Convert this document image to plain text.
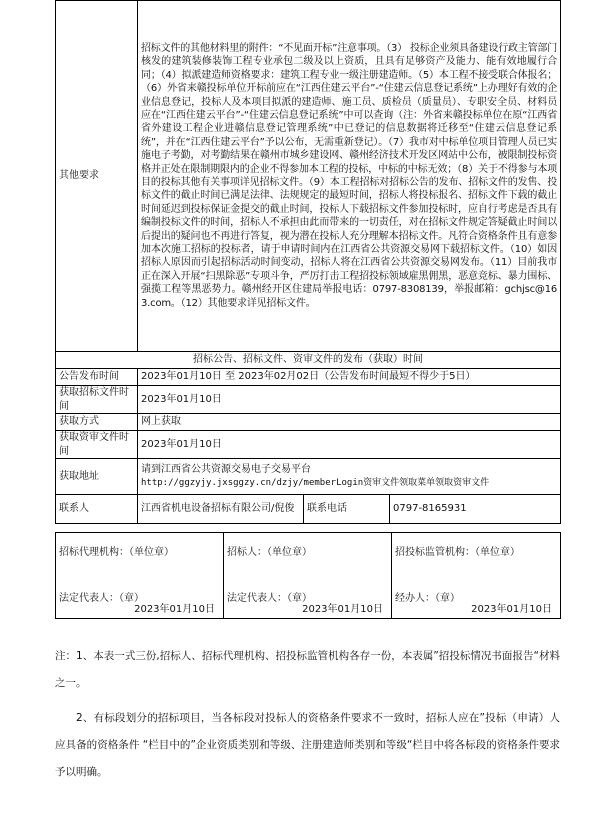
其他要求	招标文件的其他材料里的附件：“不见面开标”注意事项。（3） 投标企业须具备建设行政主管部门核发的建筑装修装饰工程专业承包二级及以上资质，且具有足够资产及能力、能有效地履行合同；（4）拟派建造师资格要求：建筑工程专业一级注册建造师。（5）本工程不接受联合体报名；（6）外省来赣投标单位开标前应在“江西住建云平台”-“住建云信息登记系统”上办理好有效的企业信息登记，投标人及本项目拟派的建造师、施工员、质检员（质量员）、专职安全员、材料员应在“江西住建云平台”-“住建云信息登记系统”中可以查询（注：外省来赣投标单位在原“江西省省外建设工程企业进赣信息登记管理系统”中已登记的信息数据将迁移至“住建云信息登记系统”，并在“江西住建云平台”予以公布，无需重新登记）。（7）我市对中标单位项目管理人员已实施电子考勤，对考勤结果在赣州市城乡建设网、赣州经济技术开发区网站中公布，被限制投标资格并正处在限制期限内的企业不得参加本工程的投标，中标的中标无效；（8）关于不得参与本项目的投标其他有关事项详见招标文件。（9）本工程招标对招标公告的发布、招标文件的发售、投标文件的截止时间已满足法律、法规规定的最短时间，招标人将投标报名、招标文件下载的截止时间延迟到投标保证金提交的截止时间，投标人下载招标文件参加投标时，应自行考虑是否具有编制投标文件的时间，招标人不承担由此而带来的一切责任，对在招标文件规定答疑截止时间以后提出的疑问也不再进行答复，视为潜在投标人充分理解本招标文件。凡符合资格条件且有意参加本次施工招标的投标者，请于申请时间内在江西省公共资源交易网下载招标文件。（10）如因招标人原因而引起招标活动时间变动，招标人将在江西省公共资源交易网发布。（11）目前我市正在深入开展“扫黑除恶”专项斗争，严厉打击工程招投标领域雇黑佣黑，恶意竞标、暴力围标、强揽工程等黑恶势力。赣州经开区住建局举报电话：0797-8308139，举报邮箱：gchjsc@163.com。（12）其他要求详见招标文件。		
招标公告、招标文件、资审文件的发布（获取）时间			
公告发布时间	2023年01月10日 至 2023年02月02日（公告发布时间最短不得少于5日）		
获取招标文件时间	2023年01月10日		
获取方式	网上获取		
获取资审文件时间	2023年01月10日		
获取地址	请到江西省公共资源交易电子交易平台
http://ggzyjy.jxsggzy.cn/dzjy/memberLogin资审文件领取菜单领取资审文件		

联系人	江西省机电设备招标有限公司/倪俊	联系电话	0797-8165931
招标代理机构：（单位章）
法定代表人：（章）
2023年01月10日

招标人：（单位章）
法定代表人：（章）
2023年01月10日

招投标监管机构：（单位章）
经办人：（章）
2023年01月10日

注：1、本表一式三份,招标人、招标代理机构、招投标监管机构各存一份，本表属”招投标情况书面报告“材料之一。

2、有标段划分的招标项目，当各标段对投标人的资格条件要求不一致时，招标人应在”投标（申请）人应具备的资格条件 “栏目中的”企业资质类别和等级、注册建造师类别和等级“栏目中将各标段的资格条件要求予以明确。
